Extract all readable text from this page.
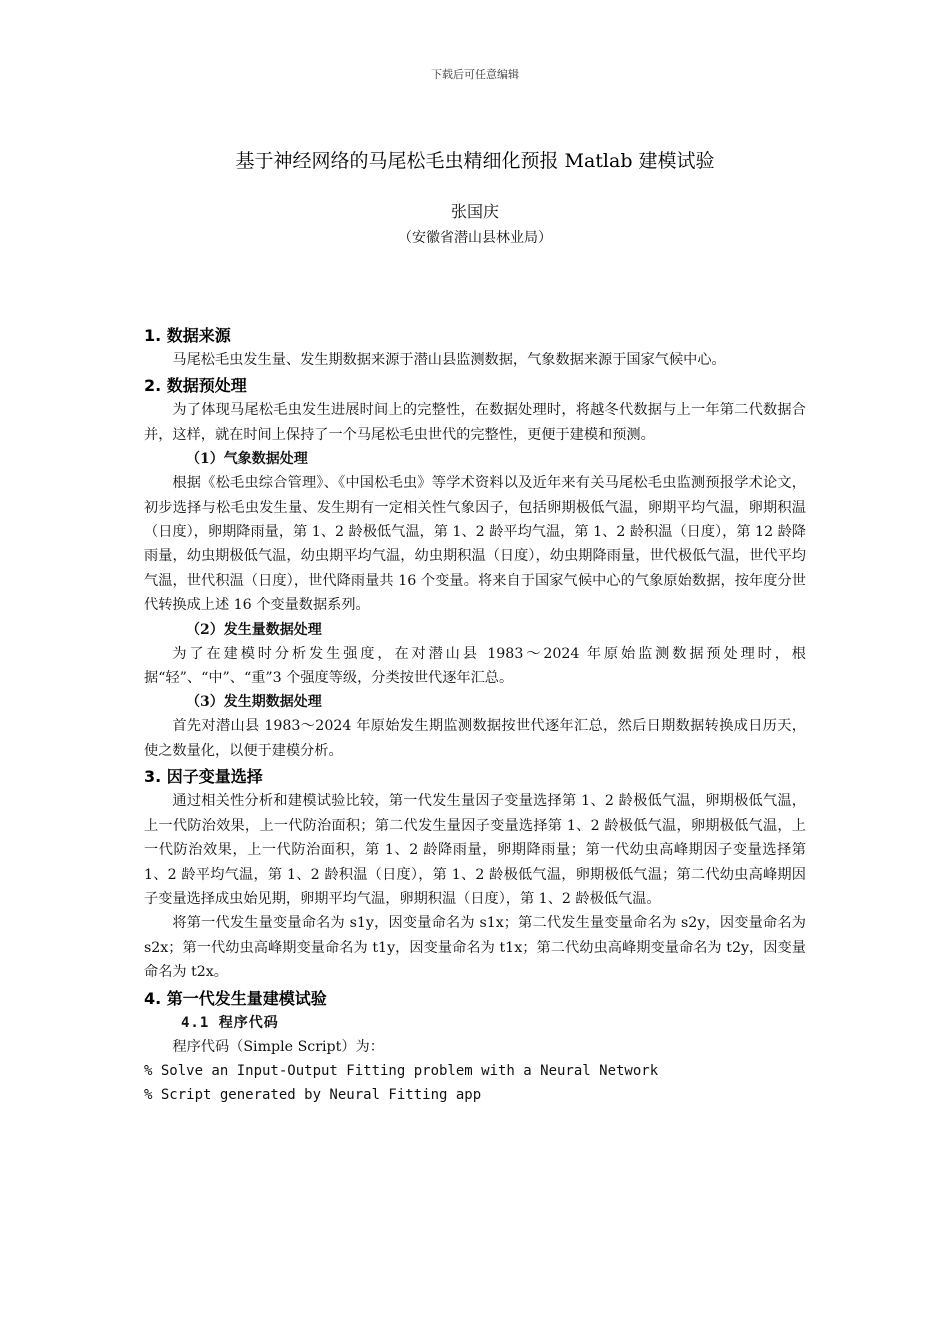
下载后可任意编辑
基于神经网络的马尾松毛虫精细化预报 Matlab 建模试验
张国庆
（安徽省潜山县林业局）
1. 数据来源

马尾松毛虫发生量、发生期数据来源于潜山县监测数据，气象数据来源于国家气候中心。

2. 数据预处理

为了体现马尾松毛虫发生进展时间上的完整性，在数据处理时，将越冬代数据与上一年第二代数据合并，这样，就在时间上保持了一个马尾松毛虫世代的完整性，更便于建模和预测。

（1）气象数据处理

根据《松毛虫综合管理》、《中国松毛虫》等学术资料以及近年来有关马尾松毛虫监测预报学术论文，初步选择与松毛虫发生量、发生期有一定相关性气象因子，包括卵期极低气温，卵期平均气温，卵期积温（日度），卵期降雨量，第 1、2 龄极低气温，第 1、2 龄平均气温，第 1、2 龄积温（日度），第 12 龄降雨量，幼虫期极低气温，幼虫期平均气温，幼虫期积温（日度），幼虫期降雨量，世代极低气温，世代平均气温，世代积温（日度），世代降雨量共 16 个变量。将来自于国家气候中心的气象原始数据，按年度分世代转换成上述 16 个变量数据系列。

（2）发生量数据处理

为了在建模时分析发生强度，在对潜山县 1983～2024 年原始监测数据预处理时，根据“轻”、“中”、“重”3 个强度等级，分类按世代逐年汇总。

（3）发生期数据处理

首先对潜山县 1983～2024 年原始发生期监测数据按世代逐年汇总，然后日期数据转换成日历天，使之数量化，以便于建模分析。

3. 因子变量选择

通过相关性分析和建模试验比较，第一代发生量因子变量选择第 1、2 龄极低气温，卵期极低气温，上一代防治效果，上一代防治面积；第二代发生量因子变量选择第 1、2 龄极低气温，卵期极低气温，上一代防治效果，上一代防治面积，第 1、2 龄降雨量，卵期降雨量；第一代幼虫高峰期因子变量选择第 1、2 龄平均气温，第 1、2 龄积温（日度），第 1、2 龄极低气温，卵期极低气温；第二代幼虫高峰期因子变量选择成虫始见期，卵期平均气温，卵期积温（日度），第 1、2 龄极低气温。

将第一代发生量变量命名为 s1y，因变量命名为 s1x；第二代发生量变量命名为 s2y，因变量命名为 s2x；第一代幼虫高峰期变量命名为 t1y，因变量命名为 t1x；第二代幼虫高峰期变量命名为 t2y，因变量命名为 t2x。

4. 第一代发生量建模试验
4.1 程序代码

程序代码（Simple Script）为：

% Solve an Input-Output Fitting problem with a Neural Network
% Script generated by Neural Fitting app
